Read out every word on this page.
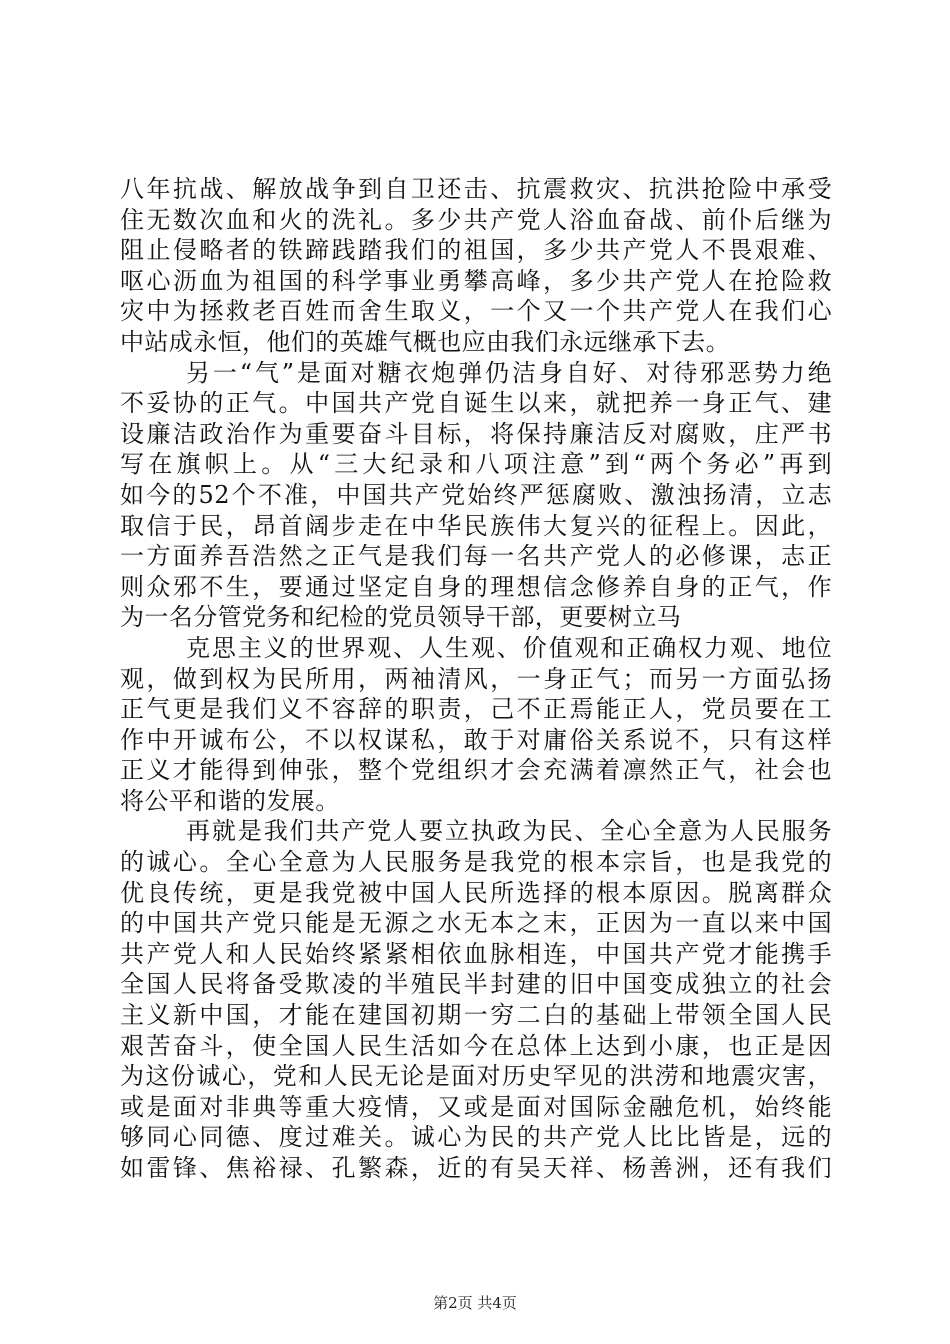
八年抗战、解放战争到自卫还击、抗震救灾、抗洪抢险中承受
住无数次血和火的洗礼。多少共产党人浴血奋战、前仆后继为
阻止侵略者的铁蹄践踏我们的祖国，多少共产党人不畏艰难、
呕心沥血为祖国的科学事业勇攀高峰，多少共产党人在抢险救
灾中为拯救老百姓而舍生取义，一个又一个共产党人在我们心
中站成永恒，他们的英雄气概也应由我们永远继承下去。
另一“气”是面对糖衣炮弹仍洁身自好、对待邪恶势力绝
不妥协的正气。中国共产党自诞生以来，就把养一身正气、建
设廉洁政治作为重要奋斗目标，将保持廉洁反对腐败，庄严书
写在旗帜上。从“三大纪录和八项注意”到“两个务必”再到
如今的52个不准，中国共产党始终严惩腐败、激浊扬清，立志
取信于民，昂首阔步走在中华民族伟大复兴的征程上。因此，
一方面养吾浩然之正气是我们每一名共产党人的必修课，志正
则众邪不生，要通过坚定自身的理想信念修养自身的正气，作
为一名分管党务和纪检的党员领导干部，更要树立马
克思主义的世界观、人生观、价值观和正确权力观、地位
观，做到权为民所用，两袖清风，一身正气；而另一方面弘扬
正气更是我们义不容辞的职责，己不正焉能正人，党员要在工
作中开诚布公，不以权谋私，敢于对庸俗关系说不，只有这样
正义才能得到伸张，整个党组织才会充满着凛然正气，社会也
将公平和谐的发展。
再就是我们共产党人要立执政为民、全心全意为人民服务
的诚心。全心全意为人民服务是我党的根本宗旨，也是我党的
优良传统，更是我党被中国人民所选择的根本原因。脱离群众
的中国共产党只能是无源之水无本之末，正因为一直以来中国
共产党人和人民始终紧紧相依血脉相连，中国共产党才能携手
全国人民将备受欺凌的半殖民半封建的旧中国变成独立的社会
主义新中国，才能在建国初期一穷二白的基础上带领全国人民
艰苦奋斗，使全国人民生活如今在总体上达到小康，也正是因
为这份诚心，党和人民无论是面对历史罕见的洪涝和地震灾害，
或是面对非典等重大疫情，又或是面对国际金融危机，始终能
够同心同德、度过难关。诚心为民的共产党人比比皆是，远的
如雷锋、焦裕禄、孔繁森，近的有吴天祥、杨善洲，还有我们
第2页 共4页
